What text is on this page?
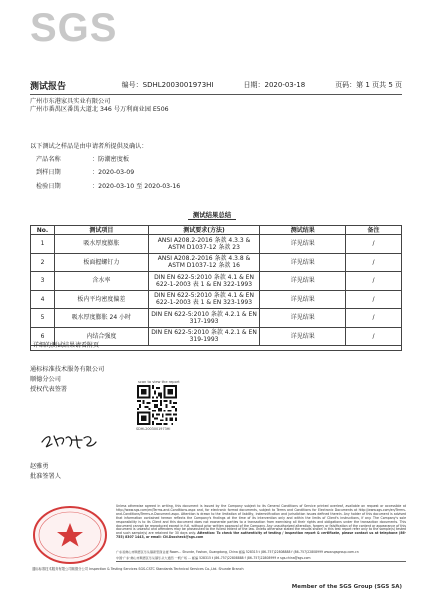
SGS
测试报告	编号：SDHL2003001973HI	日期：2020-03-18	页码：第 1 页共 5 页
广州市东港家具实业有限公司
广州市番禺区番禺大道北 346 号万利商业园 E506
以下测试之样品是由申请者所提供及确认：
产品名称	：防潮密度板
到样日期	：2020-03-09
检验日期	：2020-03-10 至 2020-03-16
测试结果总结
No.	测试项目	测试要求(方法)	测试结果	备注
1	吸水厚度膨胀	ANSI A208.2-2016 条款 4.3.3 &
ASTM D1037-12 条款 23	详见结果	/
2	板面握螺钉力	ANSI A208.2-2016 条款 4.3.8 &
ASTM D1037-12 条款 16	详见结果	/
3	含水率	DIN EN 622-5:2010 条款 4.1 & EN
622-1-2003 表 1 & EN 322-1993	详见结果	/
4	板内平均密度偏差	DIN EN 622-5:2010 条款 4.1 & EN
622-1-2003 表 1 & EN 323-1993	详见结果	/
5	吸水厚度膨胀 24 小时	DIN EN 622-5:2010 条款 4.2.1 & EN
317-1993	详见结果	/
6	内结合强度	DIN EN 622-5:2010 条款 4.2.1 & EN
319-1993	详见结果	/
详细的测试结果请看附页
通标标准技术服务有限公司
顺德分公司
授权代表签署
scan to view the report
SDHL2003001973HI
赵雅勇
批准签署人
通标标准技术服务有限公司顺德分公司 Inspection & Testing Services SGS-CSTC Standards Technical Services Co.,Ltd. Shunde Branch
Unless otherwise agreed in writing, this document is issued by the Company subject to its General Conditions of Service printed overleaf, available on request or accessible at http://www.sgs.com/en/Terms-and-Conditions.aspx and, for electronic format documents, subject to Terms and Conditions for Electronic Documents at http://www.sgs.com/en/Terms-and-Conditions/Terms-e-Document.aspx. Attention is drawn to the limitation of liability, indemnification and jurisdiction issues defined therein. Any holder of this document is advised that information contained hereon reflects the Company's findings at the time of its intervention only and within the limits of Client's instructions, if any. The Company's sole responsibility is to its Client and this document does not exonerate parties to a transaction from exercising all their rights and obligations under the transaction documents. This document cannot be reproduced except in full, without prior written approval of the Company. Any unauthorized alteration, forgery or falsification of the content or appearance of this document is unlawful and offenders may be prosecuted to the fullest extent of the law. Unless otherwise stated the results shown in this test report refer only to the sample(s) tested and such sample(s) are retained for 30 days only. Attention: To check the authenticity of testing / inspection report & certificate, please contact us at telephone (86-755) 8307 1443, or email: CN.Doccheck@sgs.com
广东省佛山市顺德区乐从镇新型商业楼 Room... Shunde, Foshan, Guangdong, China 邮编 528315 t (86–757)22808888 f (86–757)22808999 www.sgsgroup.com.cn
中国·广东·佛山市顺德区乐从镇乐从大道西 一帆广场 ... 邮编 528315 t (86–757)22808888 f (86–757)22808999 e sgs.china@sgs.com
Member of the SGS Group (SGS SA)
